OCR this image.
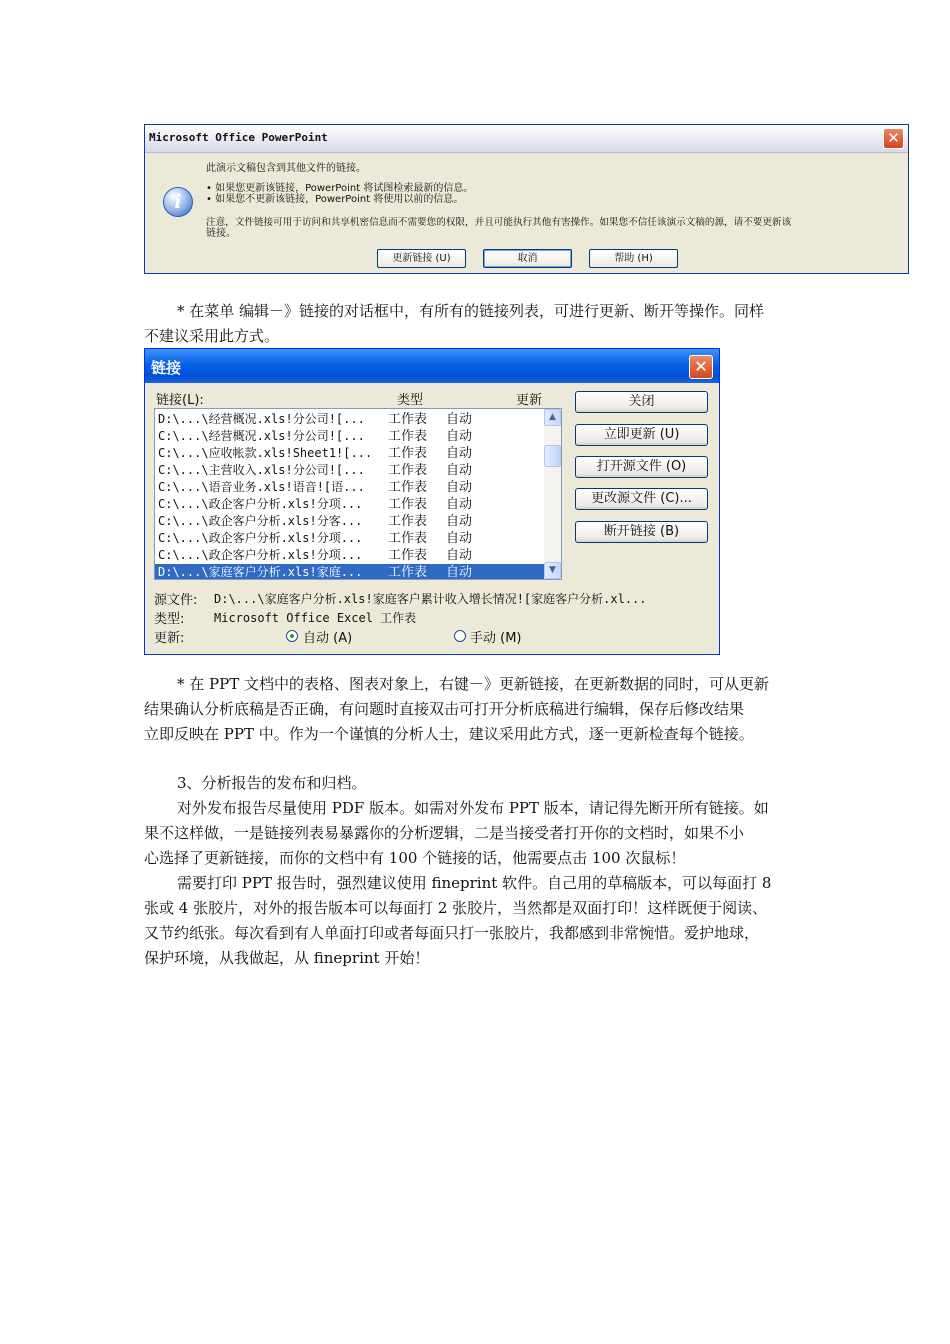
Microsoft Office PowerPoint	✕
i
此演示文稿包含到其他文件的链接。
• 如果您更新该链接，PowerPoint 将试图检索最新的信息。
• 如果您不更新该链接，PowerPoint 将使用以前的信息。
注意，文件链接可用于访问和共享机密信息而不需要您的权限，并且可能执行其他有害操作。如果您不信任该演示文稿的源，请不要更新该
链接。
更新链接 (U)	取消	帮助 (H)
* 在菜单 编辑－》链接的对话框中，有所有的链接列表，可进行更新、断开等操作。同样
不建议采用此方式。
链接	✕
链接(L):	类型	更新
D:\...\经营概况.xls!分公司![... 工作表 自动
C:\...\经营概况.xls!分公司![... 工作表 自动
C:\...\应收帐款.xls!Sheet1![... 工作表 自动
C:\...\主营收入.xls!分公司![... 工作表 自动
C:\...\语音业务.xls!语音![语... 工作表 自动
C:\...\政企客户分析.xls!分项... 工作表 自动
C:\...\政企客户分析.xls!分客... 工作表 自动
C:\...\政企客户分析.xls!分项... 工作表 自动
C:\...\政企客户分析.xls!分项... 工作表 自动
D:\...\家庭客户分析.xls!家庭... 工作表 自动
▲
▼
关闭
立即更新 (U)
打开源文件 (O)
更改源文件 (C)...
断开链接 (B)
源文件: D:\...\家庭客户分析.xls!家庭客户累计收入增长情况![家庭客户分析.xl...
类型: Microsoft Office Excel 工作表
更新:	自动 (A)	手动 (M)
* 在 PPT 文档中的表格、图表对象上，右键－》更新链接，在更新数据的同时，可从更新
结果确认分析底稿是否正确，有问题时直接双击可打开分析底稿进行编辑，保存后修改结果
立即反映在 PPT 中。作为一个谨慎的分析人士，建议采用此方式，逐一更新检查每个链接。
3、分析报告的发布和归档。
对外发布报告尽量使用 PDF 版本。如需对外发布 PPT 版本，请记得先断开所有链接。如
果不这样做，一是链接列表易暴露你的分析逻辑，二是当接受者打开你的文档时，如果不小
心选择了更新链接，而你的文档中有 100 个链接的话，他需要点击 100 次鼠标！
需要打印 PPT 报告时，强烈建议使用 fineprint 软件。自己用的草稿版本，可以每面打 8
张或 4 张胶片，对外的报告版本可以每面打 2 张胶片，当然都是双面打印！这样既便于阅读、
又节约纸张。每次看到有人单面打印或者每面只打一张胶片，我都感到非常惋惜。爱护地球，
保护环境，从我做起，从 fineprint 开始！
